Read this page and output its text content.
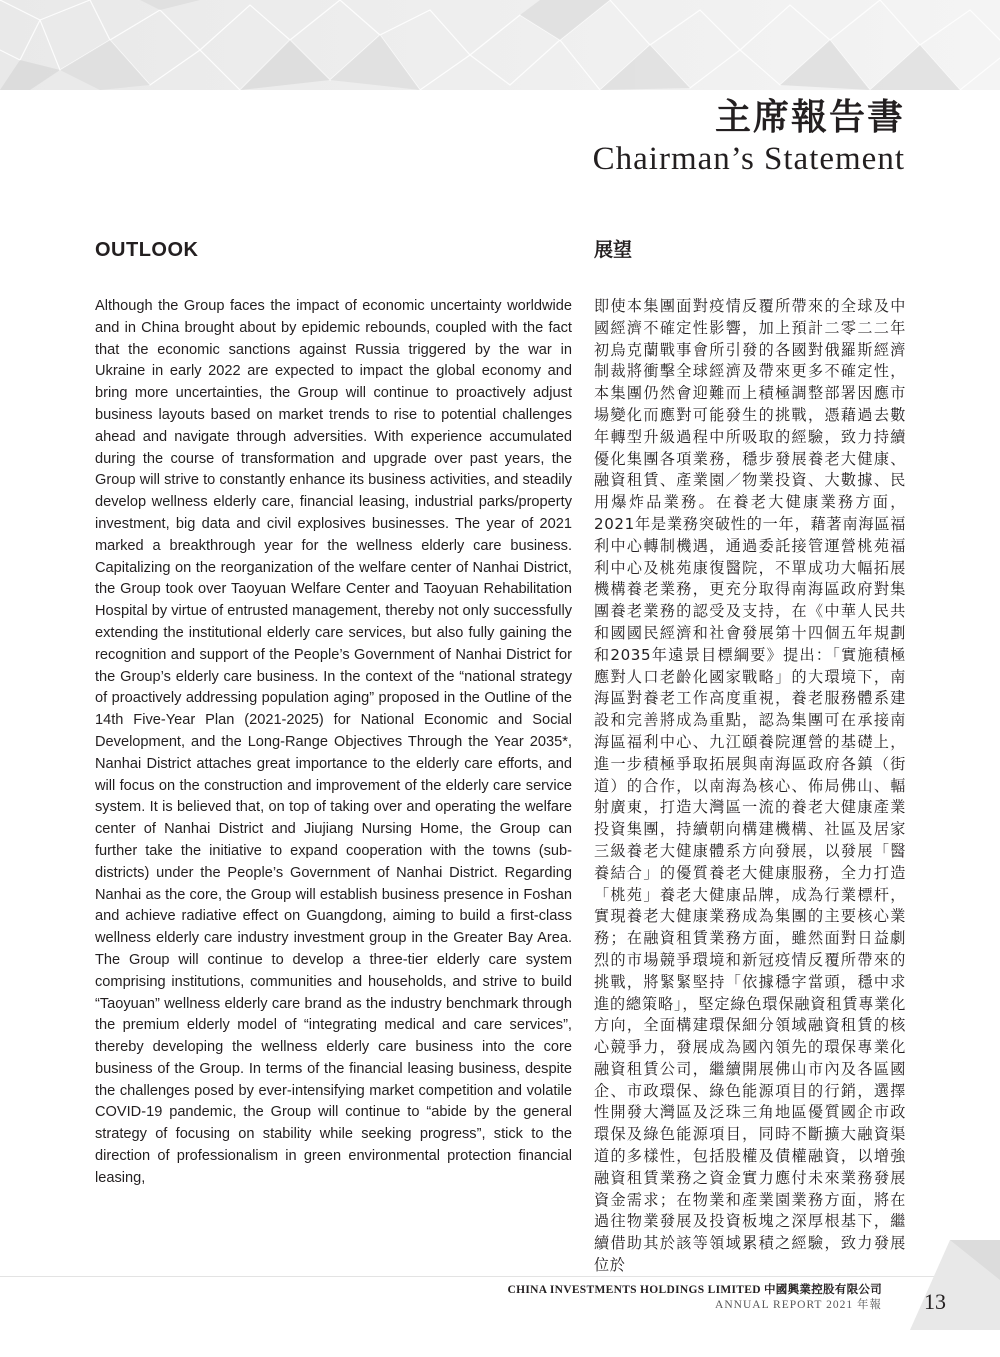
主席報告書
Chairman’s Statement
OUTLOOK

Although the Group faces the impact of economic uncertainty worldwide and in China brought about by epidemic rebounds, coupled with the fact that the economic sanctions against Russia triggered by the war in Ukraine in early 2022 are expected to impact the global economy and bring more uncertainties, the Group will continue to proactively adjust business layouts based on market trends to rise to potential challenges ahead and navigate through adversities. With experience accumulated during the course of transformation and upgrade over past years, the Group will strive to constantly enhance its business activities, and steadily develop wellness elderly care, financial leasing, industrial parks/property investment, big data and civil explosives businesses. The year of 2021 marked a breakthrough year for the wellness elderly care business. Capitalizing on the reorganization of the welfare center of Nanhai District, the Group took over Taoyuan Welfare Center and Taoyuan Rehabilitation Hospital by virtue of entrusted management, thereby not only successfully extending the institutional elderly care services, but also fully gaining the recognition and support of the People’s Government of Nanhai District for the Group’s elderly care business. In the context of the “national strategy of proactively addressing population aging” proposed in the Outline of the 14th Five-Year Plan (2021-2025) for National Economic and Social Development, and the Long-Range Objectives Through the Year 2035*, Nanhai District attaches great importance to the elderly care efforts, and will focus on the construction and improvement of the elderly care service system. It is believed that, on top of taking over and operating the welfare center of Nanhai District and Jiujiang Nursing Home, the Group can further take the initiative to expand cooperation with the towns (sub-districts) under the People’s Government of Nanhai District. Regarding Nanhai as the core, the Group will establish business presence in Foshan and achieve radiative effect on Guangdong, aiming to build a first-class wellness elderly care industry investment group in the Greater Bay Area. The Group will continue to develop a three-tier elderly care system comprising institutions, communities and households, and strive to build “Taoyuan” wellness elderly care brand as the industry benchmark through the premium elderly model of “integrating medical and care services”, thereby developing the wellness elderly care business into the core business of the Group. In terms of the financial leasing business, despite the challenges posed by ever-intensifying market competition and volatile COVID-19 pandemic, the Group will continue to “abide by the general strategy of focusing on stability while seeking progress”, stick to the direction of professionalism in green environmental protection financial leasing,

展望

即使本集團面對疫情反覆所帶來的全球及中國經濟不確定性影響，加上預計二零二二年初烏克蘭戰事會所引發的各國對俄羅斯經濟制裁將衝擊全球經濟及帶來更多不確定性，本集團仍然會迎難而上積極調整部署因應市場變化而應對可能發生的挑戰，憑藉過去數年轉型升級過程中所吸取的經驗，致力持續優化集團各項業務，穩步發展養老大健康、融資租賃、產業園／物業投資、大數據、民用爆炸品業務。在養老大健康業務方面，2021年是業務突破性的一年，藉著南海區福利中心轉制機遇，通過委託接管運營桃苑福利中心及桃苑康復醫院，不單成功大幅拓展機構養老業務，更充分取得南海區政府對集團養老業務的認受及支持，在《中華人民共和國國民經濟和社會發展第十四個五年規劃和2035年遠景目標綱要》提出：「實施積極應對人口老齡化國家戰略」的大環境下，南海區對養老工作高度重視，養老服務體系建設和完善將成為重點，認為集團可在承接南海區福利中心、九江頤養院運營的基礎上，進一步積極爭取拓展與南海區政府各鎮（街道）的合作，以南海為核心、佈局佛山、輻射廣東，打造大灣區一流的養老大健康產業投資集團，持續朝向構建機構、社區及居家三級養老大健康體系方向發展，以發展「醫養結合」的優質養老大健康服務，全力打造「桃苑」養老大健康品牌，成為行業標杆，實現養老大健康業務成為集團的主要核心業務；在融資租賃業務方面，雖然面對日益劇烈的市場競爭環境和新冠疫情反覆所帶來的挑戰，將緊緊堅持「依據穩字當頭，穩中求進的總策略」，堅定綠色環保融資租賃專業化方向，全面構建環保細分領域融資租賃的核心競爭力，發展成為國內領先的環保專業化融資租賃公司，繼續開展佛山市內及各區國企、市政環保、綠色能源項目的行銷，選擇性開發大灣區及泛珠三角地區優質國企市政環保及綠色能源項目，同時不斷擴大融資渠道的多樣性，包括股權及債權融資，以增強融資租賃業務之資金實力應付未來業務發展資金需求；在物業和產業園業務方面，將在過往物業發展及投資板塊之深厚根基下，繼續借助其於該等領域累積之經驗，致力發展位於

CHINA INVESTMENTS HOLDINGS LIMITED 中國興業控股有限公司
ANNUAL REPORT 2021 年報 13
